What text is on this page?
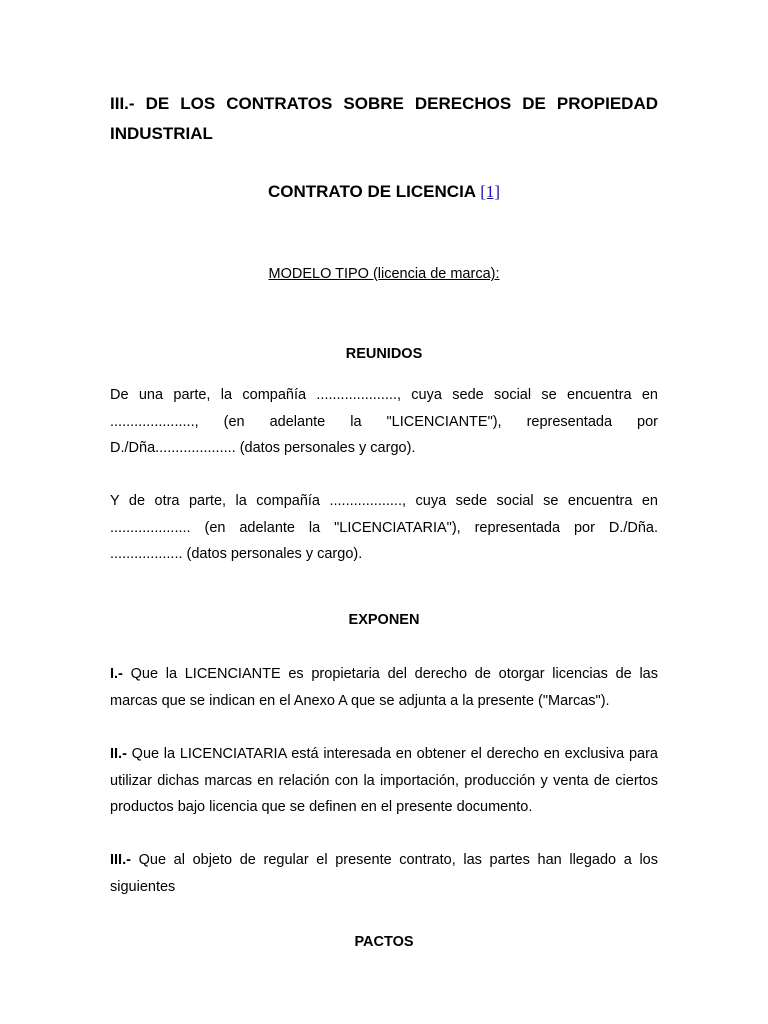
III.- DE LOS CONTRATOS SOBRE DERECHOS DE PROPIEDAD INDUSTRIAL
CONTRATO DE LICENCIA [1]
MODELO TIPO (licencia de marca):
REUNIDOS

De una parte, la compañía ...................., cuya sede social se encuentra en ....................., (en adelante la "LICENCIANTE"), representada por D./Dña.................... (datos personales y cargo).

Y de otra parte, la compañía .................., cuya sede social se encuentra en .................... (en adelante la "LICENCIATARIA"), representada por D./Dña. .................. (datos personales y cargo).

EXPONEN

I.- Que la LICENCIANTE es propietaria del derecho de otorgar licencias de las marcas que se indican en el Anexo A que se adjunta a la presente ("Marcas").

II.- Que la LICENCIATARIA está interesada en obtener el derecho en exclusiva para utilizar dichas marcas en relación con la importación, producción y venta de ciertos productos bajo licencia que se definen en el presente documento.

III.- Que al objeto de regular el presente contrato, las partes han llegado a los siguientes

PACTOS
